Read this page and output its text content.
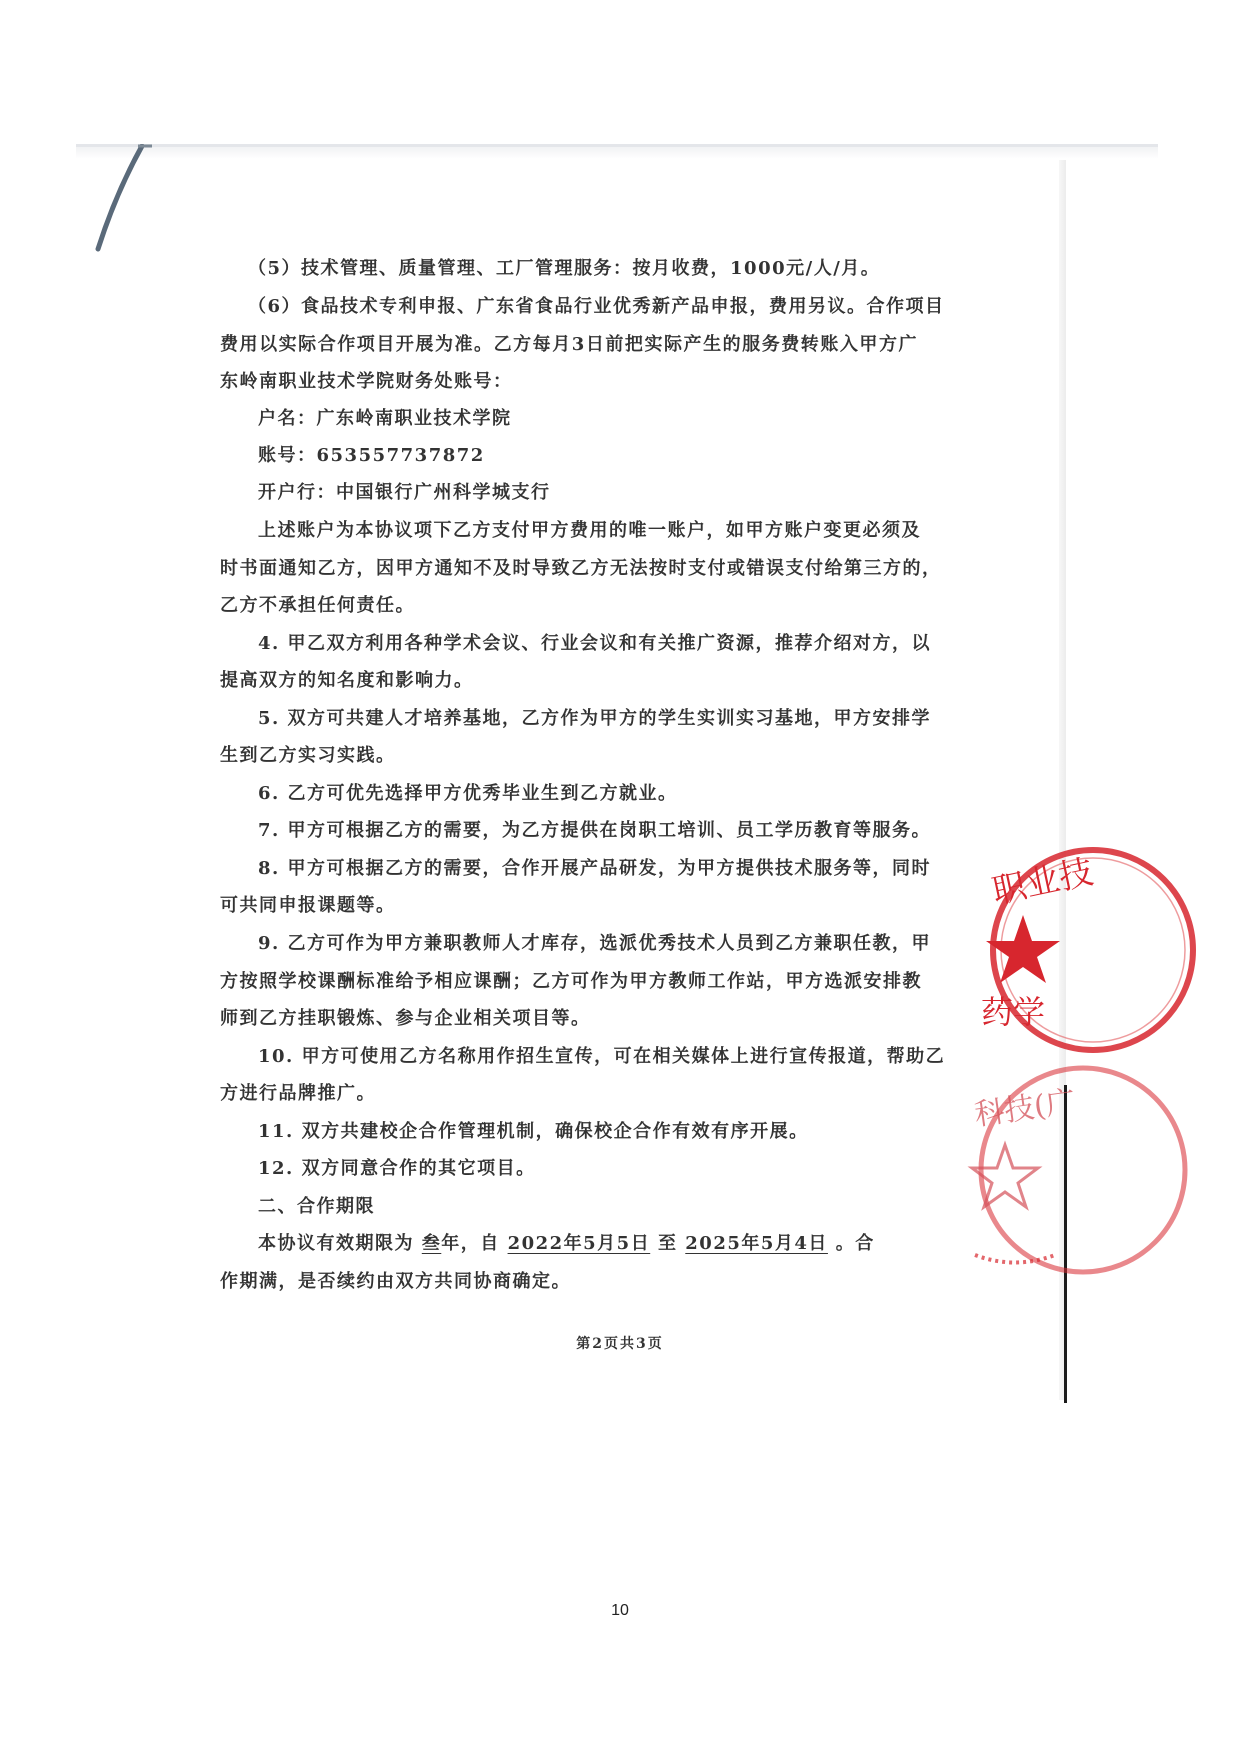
（5）技术管理、质量管理、工厂管理服务：按月收费，1000元/人/月。
（6）食品技术专利申报、广东省食品行业优秀新产品申报，费用另议。合作项目
费用以实际合作项目开展为准。乙方每月3日前把实际产生的服务费转账入甲方广
东岭南职业技术学院财务处账号：
户名：广东岭南职业技术学院
账号：653557737872
开户行：中国银行广州科学城支行
上述账户为本协议项下乙方支付甲方费用的唯一账户，如甲方账户变更必须及
时书面通知乙方，因甲方通知不及时导致乙方无法按时支付或错误支付给第三方的，
乙方不承担任何责任。
4. 甲乙双方利用各种学术会议、行业会议和有关推广资源，推荐介绍对方，以
提高双方的知名度和影响力。
5. 双方可共建人才培养基地，乙方作为甲方的学生实训实习基地，甲方安排学
生到乙方实习实践。
6. 乙方可优先选择甲方优秀毕业生到乙方就业。
7. 甲方可根据乙方的需要，为乙方提供在岗职工培训、员工学历教育等服务。
8. 甲方可根据乙方的需要，合作开展产品研发，为甲方提供技术服务等，同时
可共同申报课题等。
9. 乙方可作为甲方兼职教师人才库存，选派优秀技术人员到乙方兼职任教，甲
方按照学校课酬标准给予相应课酬；乙方可作为甲方教师工作站，甲方选派安排教
师到乙方挂职锻炼、参与企业相关项目等。
10. 甲方可使用乙方名称用作招生宣传，可在相关媒体上进行宣传报道，帮助乙
方进行品牌推广。
11. 双方共建校企合作管理机制，确保校企合作有效有序开展。
12. 双方同意合作的其它项目。
二、合作期限
本协议有效期限为 叁年，自 2022年5月5日 至 2025年5月4日 。合
作期满，是否续约由双方共同协商确定。
第2页共3页
职业技
药学
科技(广
10
